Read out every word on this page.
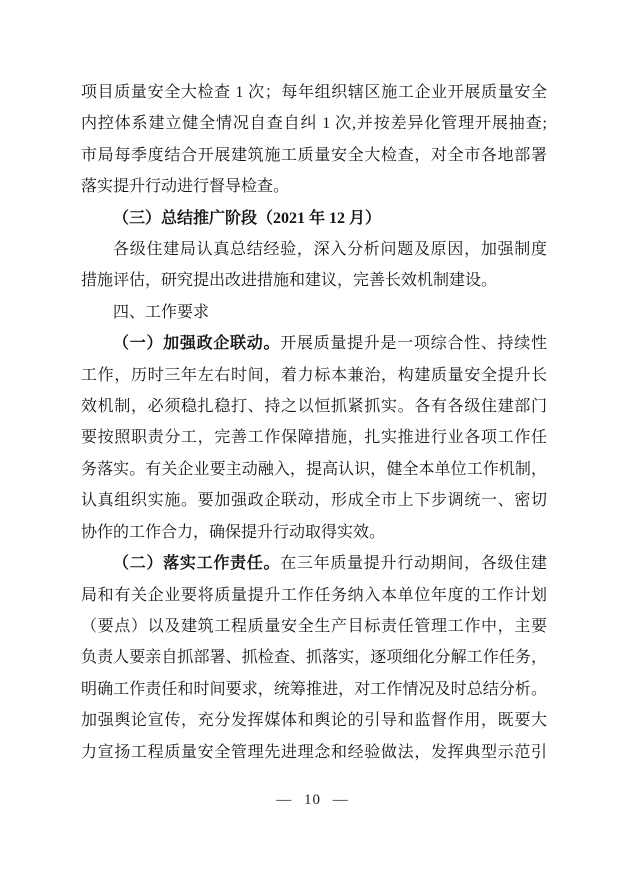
项目质量安全大检查 1 次；每年组织辖区施工企业开展质量安全
内控体系建立健全情况自查自纠 1 次,并按差异化管理开展抽查;
市局每季度结合开展建筑施工质量安全大检查，对全市各地部署
落实提升行动进行督导检查。
（三）总结推广阶段（2021 年 12 月）
各级住建局认真总结经验，深入分析问题及原因，加强制度
措施评估，研究提出改进措施和建议，完善长效机制建设。
四、工作要求
（一）加强政企联动。开展质量提升是一项综合性、持续性
工作，历时三年左右时间，着力标本兼治，构建质量安全提升长
效机制，必须稳扎稳打、持之以恒抓紧抓实。各有各级住建部门
要按照职责分工，完善工作保障措施，扎实推进行业各项工作任
务落实。有关企业要主动融入，提高认识，健全本单位工作机制，
认真组织实施。要加强政企联动，形成全市上下步调统一、密切
协作的工作合力，确保提升行动取得实效。
（二）落实工作责任。在三年质量提升行动期间，各级住建
局和有关企业要将质量提升工作任务纳入本单位年度的工作计划
（要点）以及建筑工程质量安全生产目标责任管理工作中，主要
负责人要亲自抓部署、抓检查、抓落实，逐项细化分解工作任务，
明确工作责任和时间要求，统筹推进，对工作情况及时总结分析。
加强舆论宣传，充分发挥媒体和舆论的引导和监督作用，既要大
力宣扬工程质量安全管理先进理念和经验做法，发挥典型示范引
— 10 —
